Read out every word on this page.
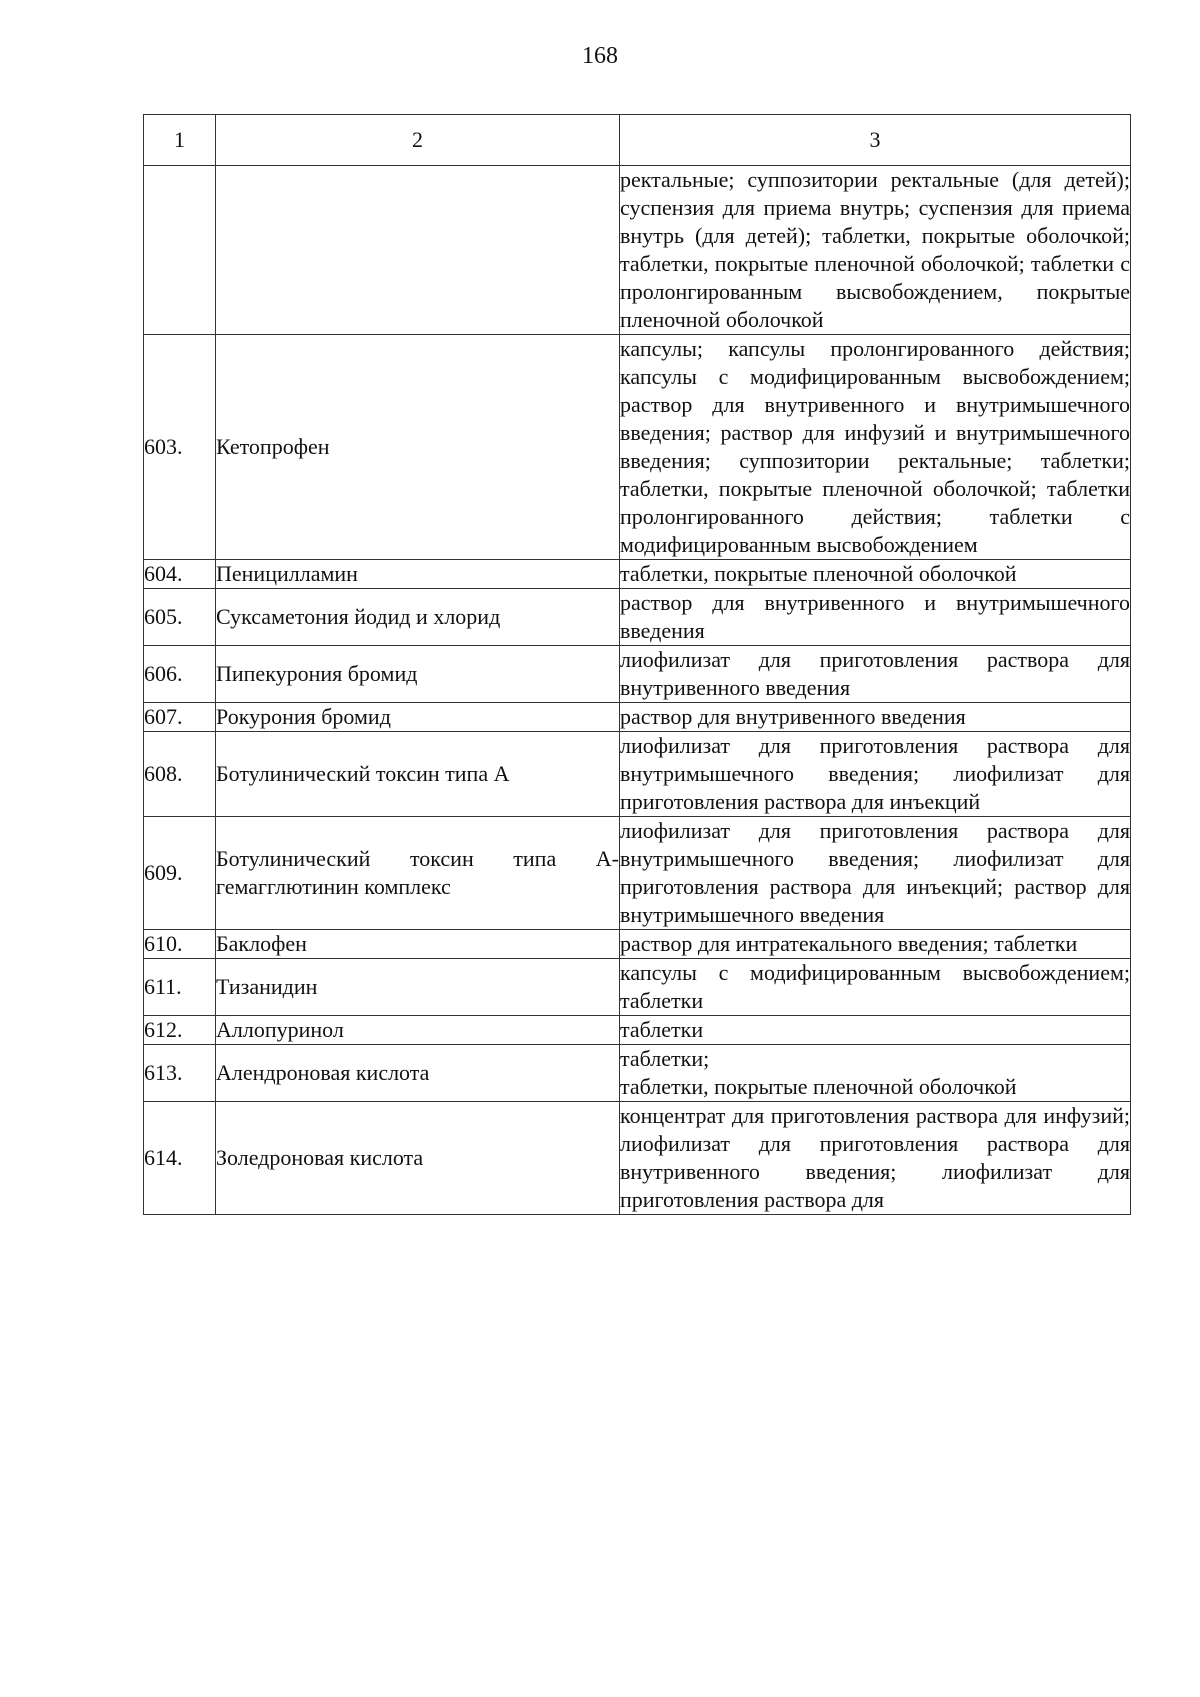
168
1	2	3

		ректальные; суппозитории ректальные (для детей); суспензия для приема внутрь; суспензия для приема внутрь (для детей); таблетки, покрытые оболочкой; таблетки, покрытые пленочной оболочкой; таблетки с пролонгированным высвобождением, покрытые пленочной оболочкой

603.	Кетопрофен	капсулы; капсулы пролонгированного действия; капсулы с модифицированным высвобождением; раствор для внутривенного и внутримышечного введения; раствор для инфузий и внутримышечного введения; суппозитории ректальные; таблетки; таблетки, покрытые пленочной оболочкой; таблетки пролонгированного действия; таблетки с модифицированным высвобождением

604.	Пеницилламин	таблетки, покрытые пленочной оболочкой

605.	Суксаметония йодид и хлорид	раствор для внутривенного и внутримышечного введения

606.	Пипекурония бромид	лиофилизат для приготовления раствора для внутривенного введения

607.	Рокурония бромид	раствор для внутривенного введения

608.	Ботулинический токсин типа А	лиофилизат для приготовления раствора для внутримышечного введения; лиофилизат для приготовления раствора для инъекций

609.	Ботулинический токсин типа А-гемагглютинин комплекс	лиофилизат для приготовления раствора для внутримышечного введения; лиофилизат для приготовления раствора для инъекций; раствор для внутримышечного введения

610.	Баклофен	раствор для интратекального введения; таблетки

611.	Тизанидин	капсулы с модифицированным высвобождением; таблетки

612.	Аллопуринол	таблетки

613.	Алендроновая кислота	таблетки;
таблетки, покрытые пленочной оболочкой

614.	Золедроновая кислота	концентрат для приготовления раствора для инфузий; лиофилизат для приготовления раствора для внутривенного введения; лиофилизат для приготовления раствора для
